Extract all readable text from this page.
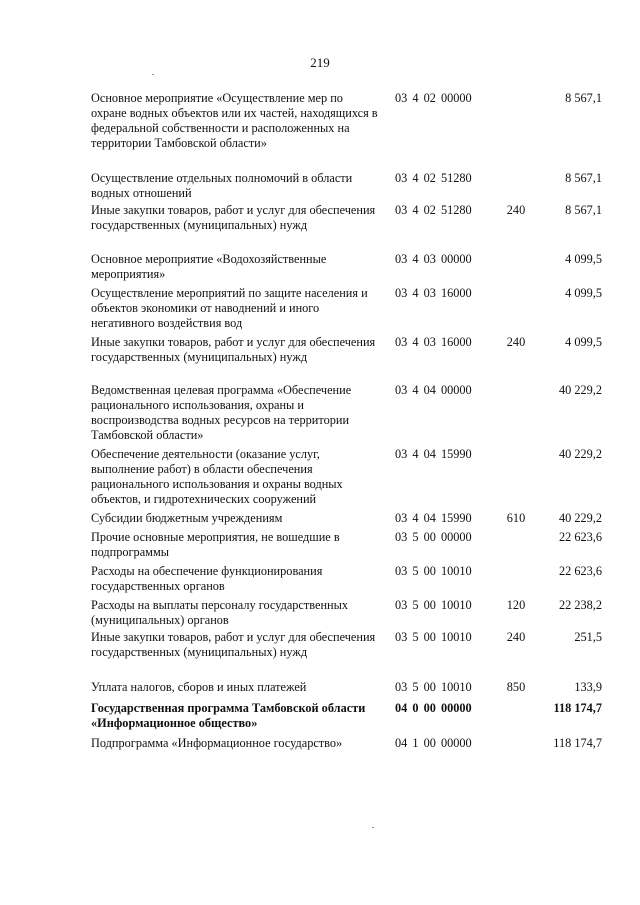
219
Основное мероприятие «Осуществление мер по охране водных объектов или их частей, находящихся в федеральной собственности и расположенных на территории Тамбовской области»
03 4 02 00000	8 567,1
Осуществление отдельных полномочий в области водных отношений
03 4 02 51280	8 567,1
Иные закупки товаров, работ и услуг для обеспечения государственных (муниципальных) нужд
03 4 02 51280	240	8 567,1
Основное мероприятие «Водохозяйственные мероприятия»
03 4 03 00000	4 099,5
Осуществление мероприятий по защите населения и объектов экономики от наводнений и иного негативного воздействия вод
03 4 03 16000	4 099,5
Иные закупки товаров, работ и услуг для обеспечения государственных (муниципальных) нужд
03 4 03 16000	240	4 099,5
Ведомственная целевая программа «Обеспечение рационального использования, охраны и воспроизводства водных ресурсов на территории Тамбовской области»
03 4 04 00000	40 229,2
Обеспечение деятельности (оказание услуг, выполнение работ) в области обеспечения рационального использования и охраны водных объектов, и гидротехнических сооружений
03 4 04 15990	40 229,2
Субсидии бюджетным учреждениям	03 4 04 15990	610	40 229,2
Прочие основные мероприятия, не вошедшие в подпрограммы
03 5 00 00000	22 623,6
Расходы на обеспечение функционирования государственных органов
03 5 00 10010	22 623,6
Расходы на выплаты персоналу государственных (муниципальных) органов
03 5 00 10010	120	22 238,2
Иные закупки товаров, работ и услуг для обеспечения государственных (муниципальных) нужд
03 5 00 10010	240	251,5
Уплата налогов, сборов и иных платежей	03 5 00 10010	850	133,9
Государственная программа Тамбовской области «Информационное общество»
04 0 00 00000	118 174,7
Подпрограмма «Информационное государство»	04 1 00 00000	118 174,7
